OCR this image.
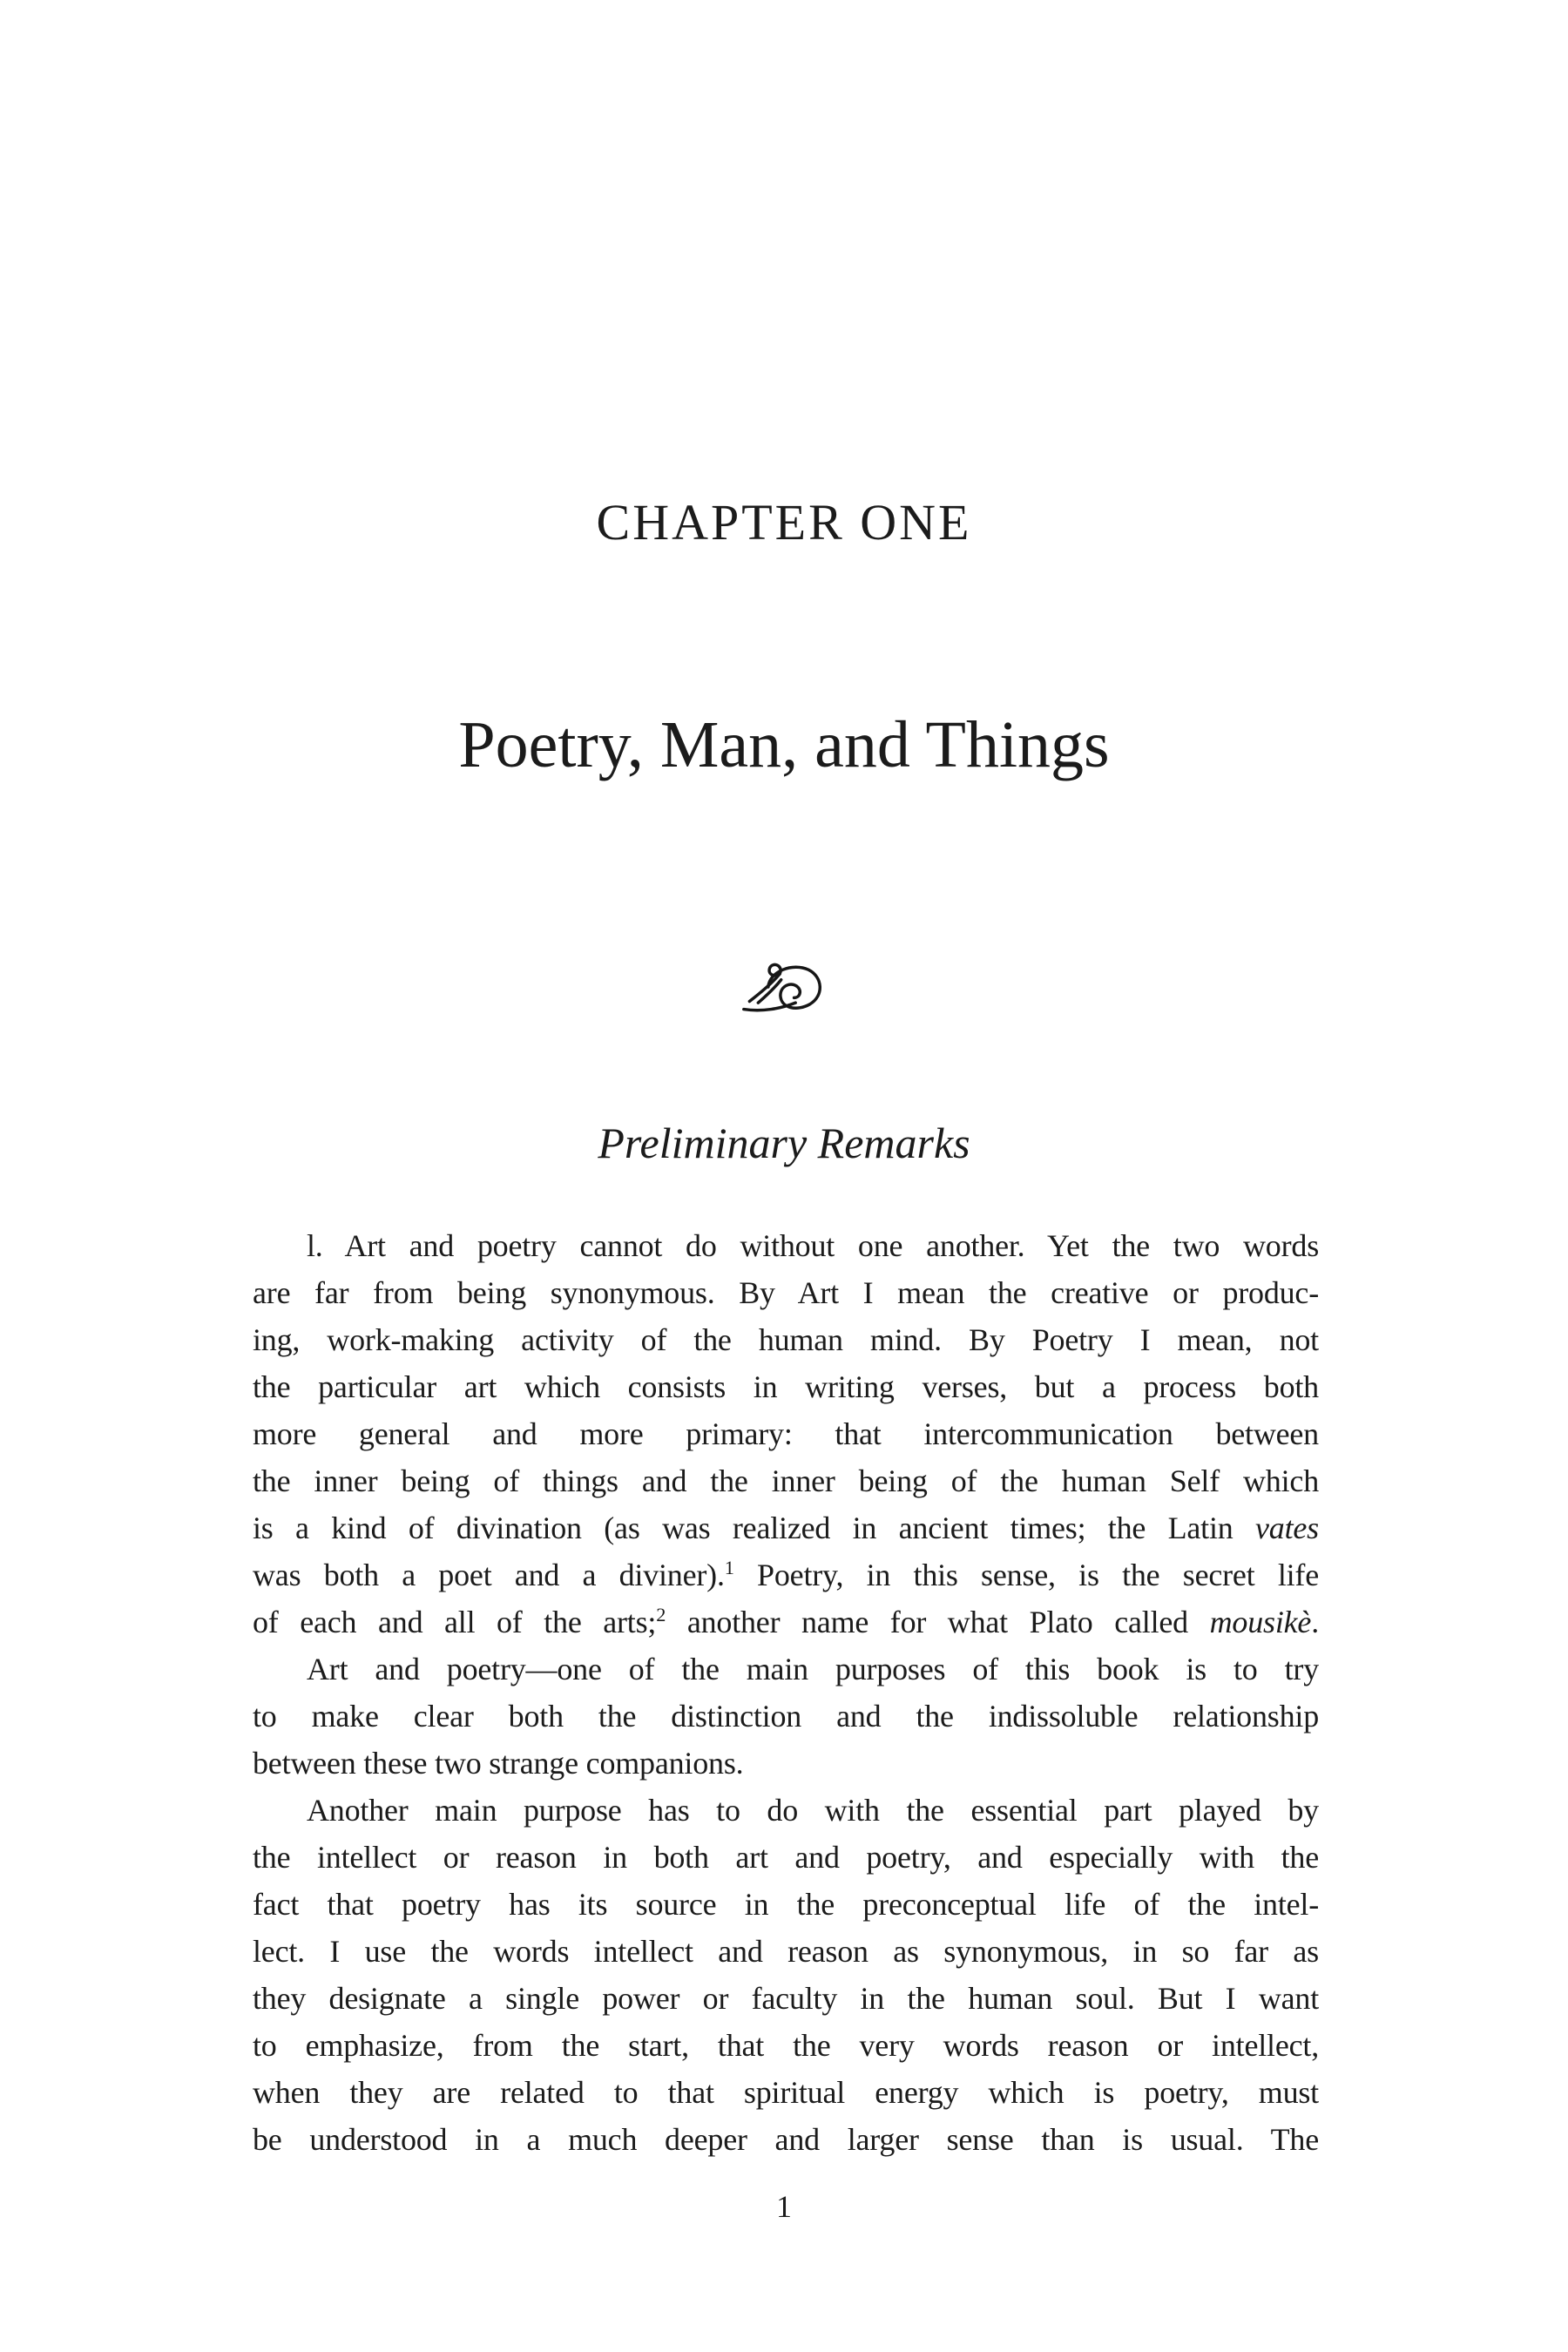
CHAPTER ONE
Poetry, Man, and Things
Preliminary Remarks
l. Art and poetry cannot do without one another. Yet the two words
are far from being synonymous. By Art I mean the creative or produc-
ing, work-making activity of the human mind. By Poetry I mean, not
the particular art which consists in writing verses, but a process both
more general and more primary: that intercommunication between
the inner being of things and the inner being of the human Self which
is a kind of divination (as was realized in ancient times; the Latin vates
was both a poet and a diviner).$^1$ Poetry, in this sense, is the secret life
of each and all of the arts;$^2$ another name for what Plato called mousikè.
Art and poetry—one of the main purposes of this book is to try
to make clear both the distinction and the indissoluble relationship
between these two strange companions.
Another main purpose has to do with the essential part played by
the intellect or reason in both art and poetry, and especially with the
fact that poetry has its source in the preconceptual life of the intel-
lect. I use the words intellect and reason as synonymous, in so far as
they designate a single power or faculty in the human soul. But I want
to emphasize, from the start, that the very words reason or intellect,
when they are related to that spiritual energy which is poetry, must
be understood in a much deeper and larger sense than is usual. The
1
